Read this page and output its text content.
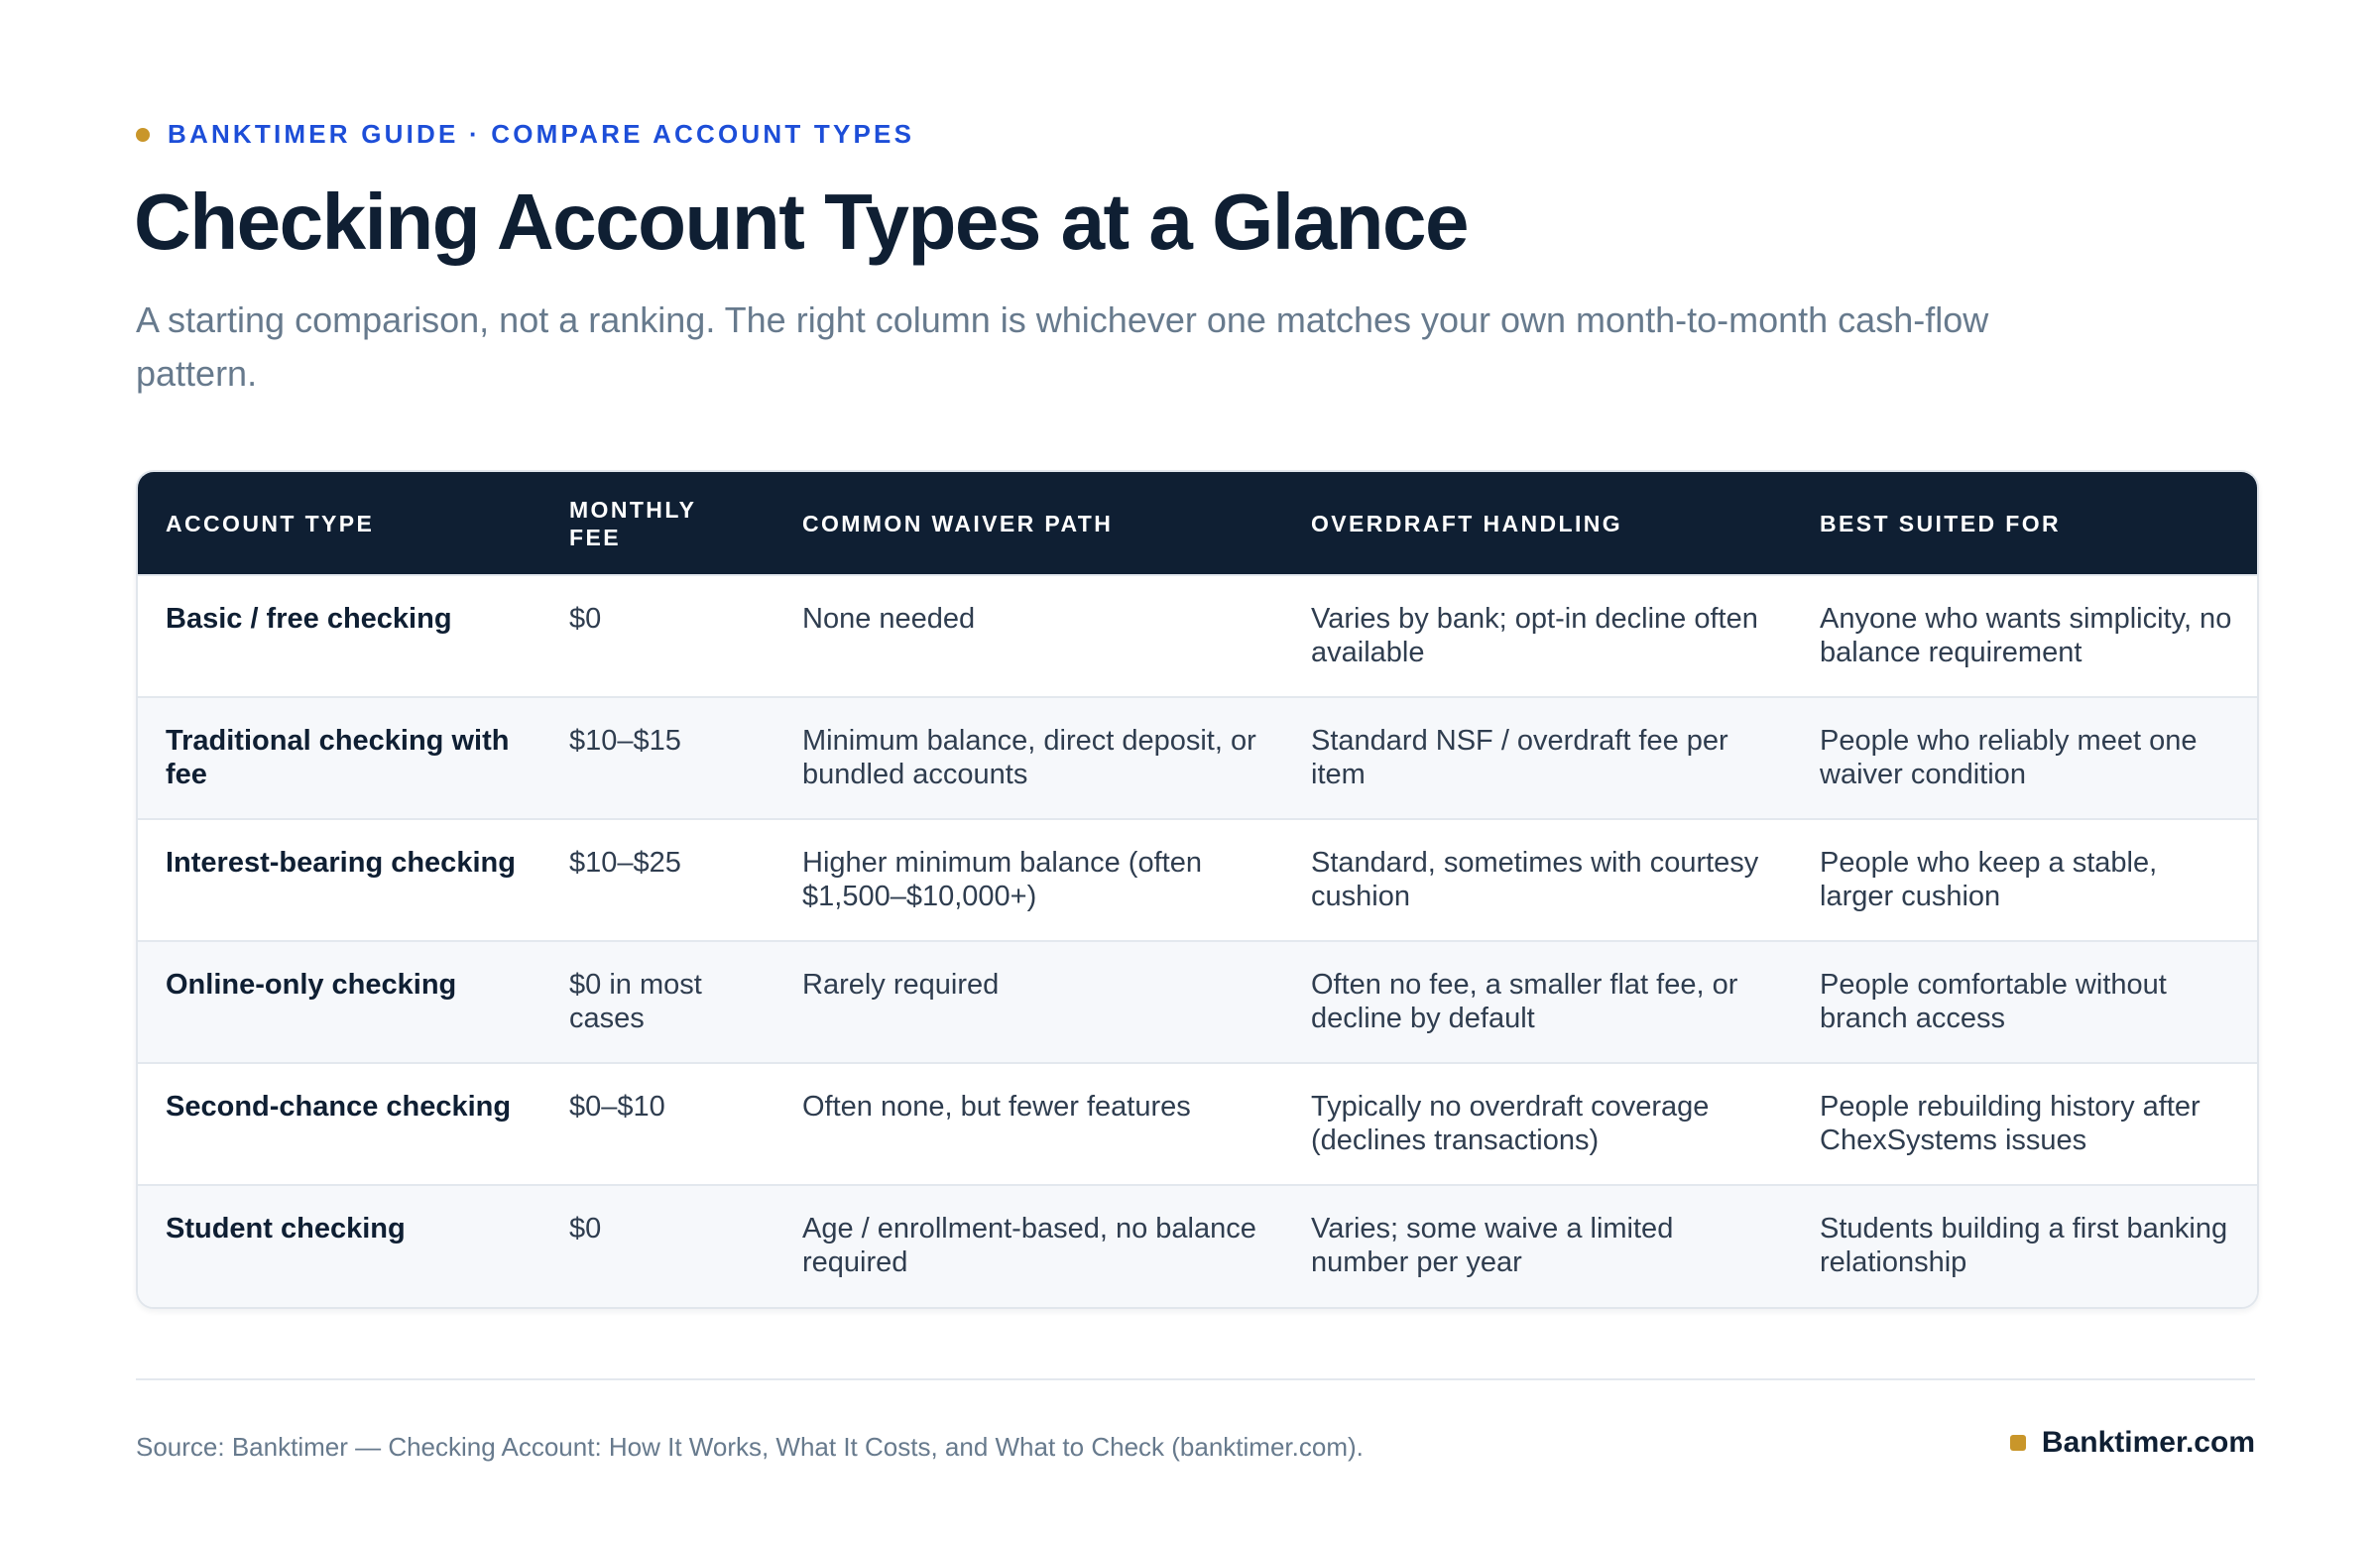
BANKTIMER GUIDE · COMPARE ACCOUNT TYPES
Checking Account Types at a Glance

A starting comparison, not a ranking. The right column is whichever one matches your own month-to-month cash-flow pattern.

ACCOUNT TYPE	MONTHLY FEE	COMMON WAIVER PATH	OVERDRAFT HANDLING	BEST SUITED FOR
Basic / free checking	$0	None needed	Varies by bank; opt-in decline often available	Anyone who wants simplicity, no balance requirement
Traditional checking with fee	$10–$15	Minimum balance, direct deposit, or bundled accounts	Standard NSF / overdraft fee per item	People who reliably meet one waiver condition
Interest-bearing checking	$10–$25	Higher minimum balance (often $1,500–$10,000+)	Standard, sometimes with courtesy cushion	People who keep a stable, larger cushion
Online-only checking	$0 in most cases	Rarely required	Often no fee, a smaller flat fee, or decline by default	People comfortable without branch access
Second-chance checking	$0–$10	Often none, but fewer features	Typically no overdraft coverage (declines transactions)	People rebuilding history after ChexSystems issues
Student checking	$0	Age / enrollment-based, no balance required	Varies; some waive a limited number per year	Students building a first banking relationship
Source: Banktimer — Checking Account: How It Works, What It Costs, and What to Check (banktimer.com).	Banktimer.com
